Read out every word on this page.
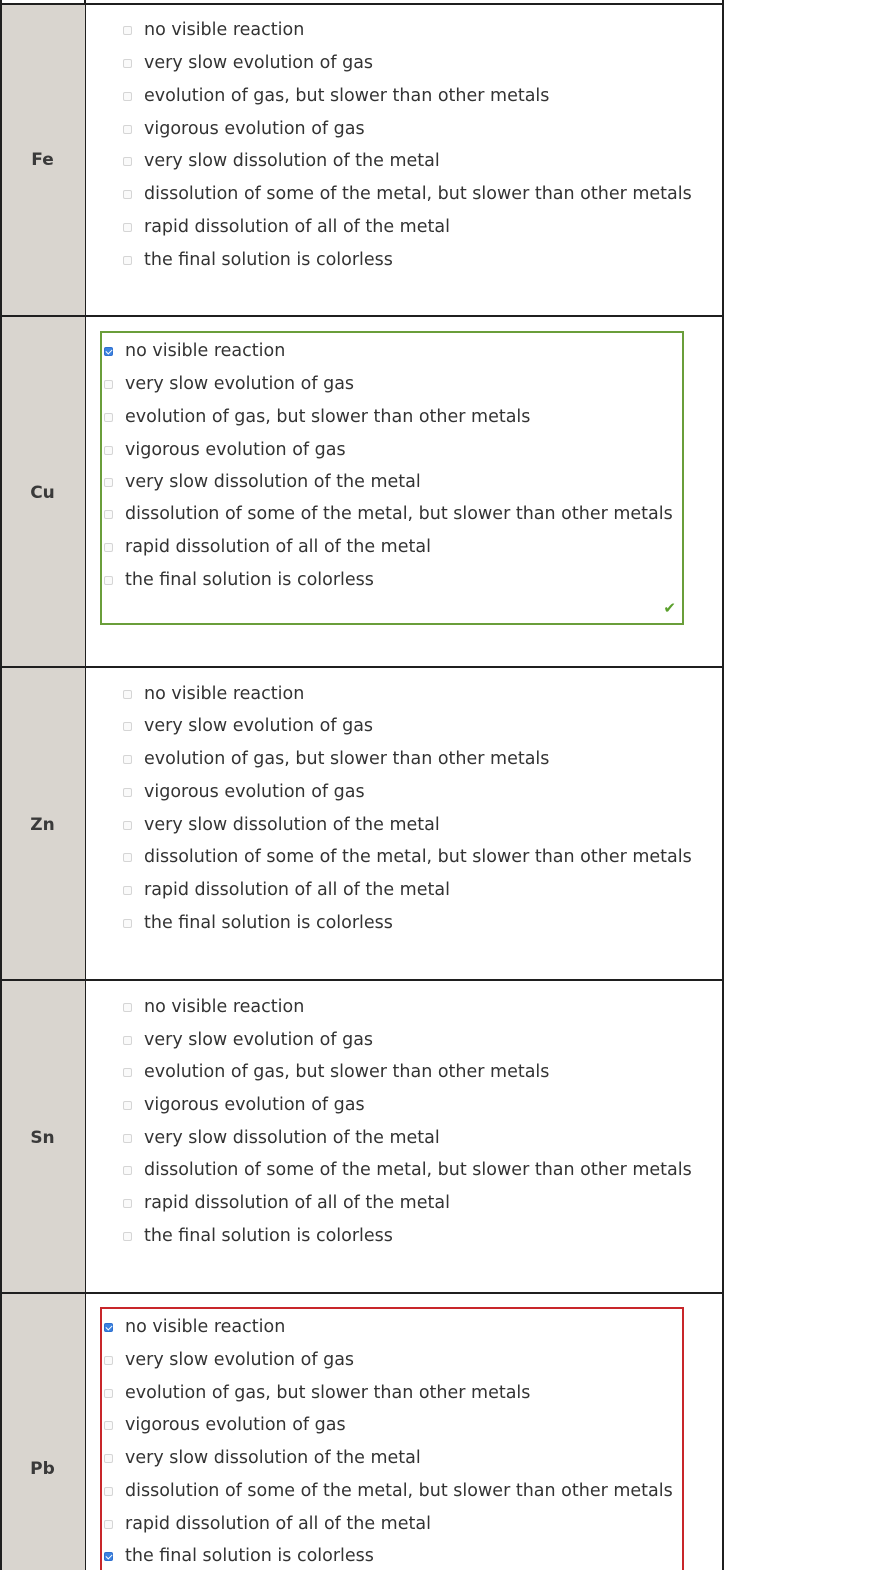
Fe
no visible reaction
very slow evolution of gas
evolution of gas, but slower than other metals
vigorous evolution of gas
very slow dissolution of the metal
dissolution of some of the metal, but slower than other metals
rapid dissolution of all of the metal
the final solution is colorless
Cu
✔
no visible reaction
very slow evolution of gas
evolution of gas, but slower than other metals
vigorous evolution of gas
very slow dissolution of the metal
dissolution of some of the metal, but slower than other metals
rapid dissolution of all of the metal
the final solution is colorless
Zn
no visible reaction
very slow evolution of gas
evolution of gas, but slower than other metals
vigorous evolution of gas
very slow dissolution of the metal
dissolution of some of the metal, but slower than other metals
rapid dissolution of all of the metal
the final solution is colorless
Sn
no visible reaction
very slow evolution of gas
evolution of gas, but slower than other metals
vigorous evolution of gas
very slow dissolution of the metal
dissolution of some of the metal, but slower than other metals
rapid dissolution of all of the metal
the final solution is colorless
Pb
no visible reaction
very slow evolution of gas
evolution of gas, but slower than other metals
vigorous evolution of gas
very slow dissolution of the metal
dissolution of some of the metal, but slower than other metals
rapid dissolution of all of the metal
the final solution is colorless
